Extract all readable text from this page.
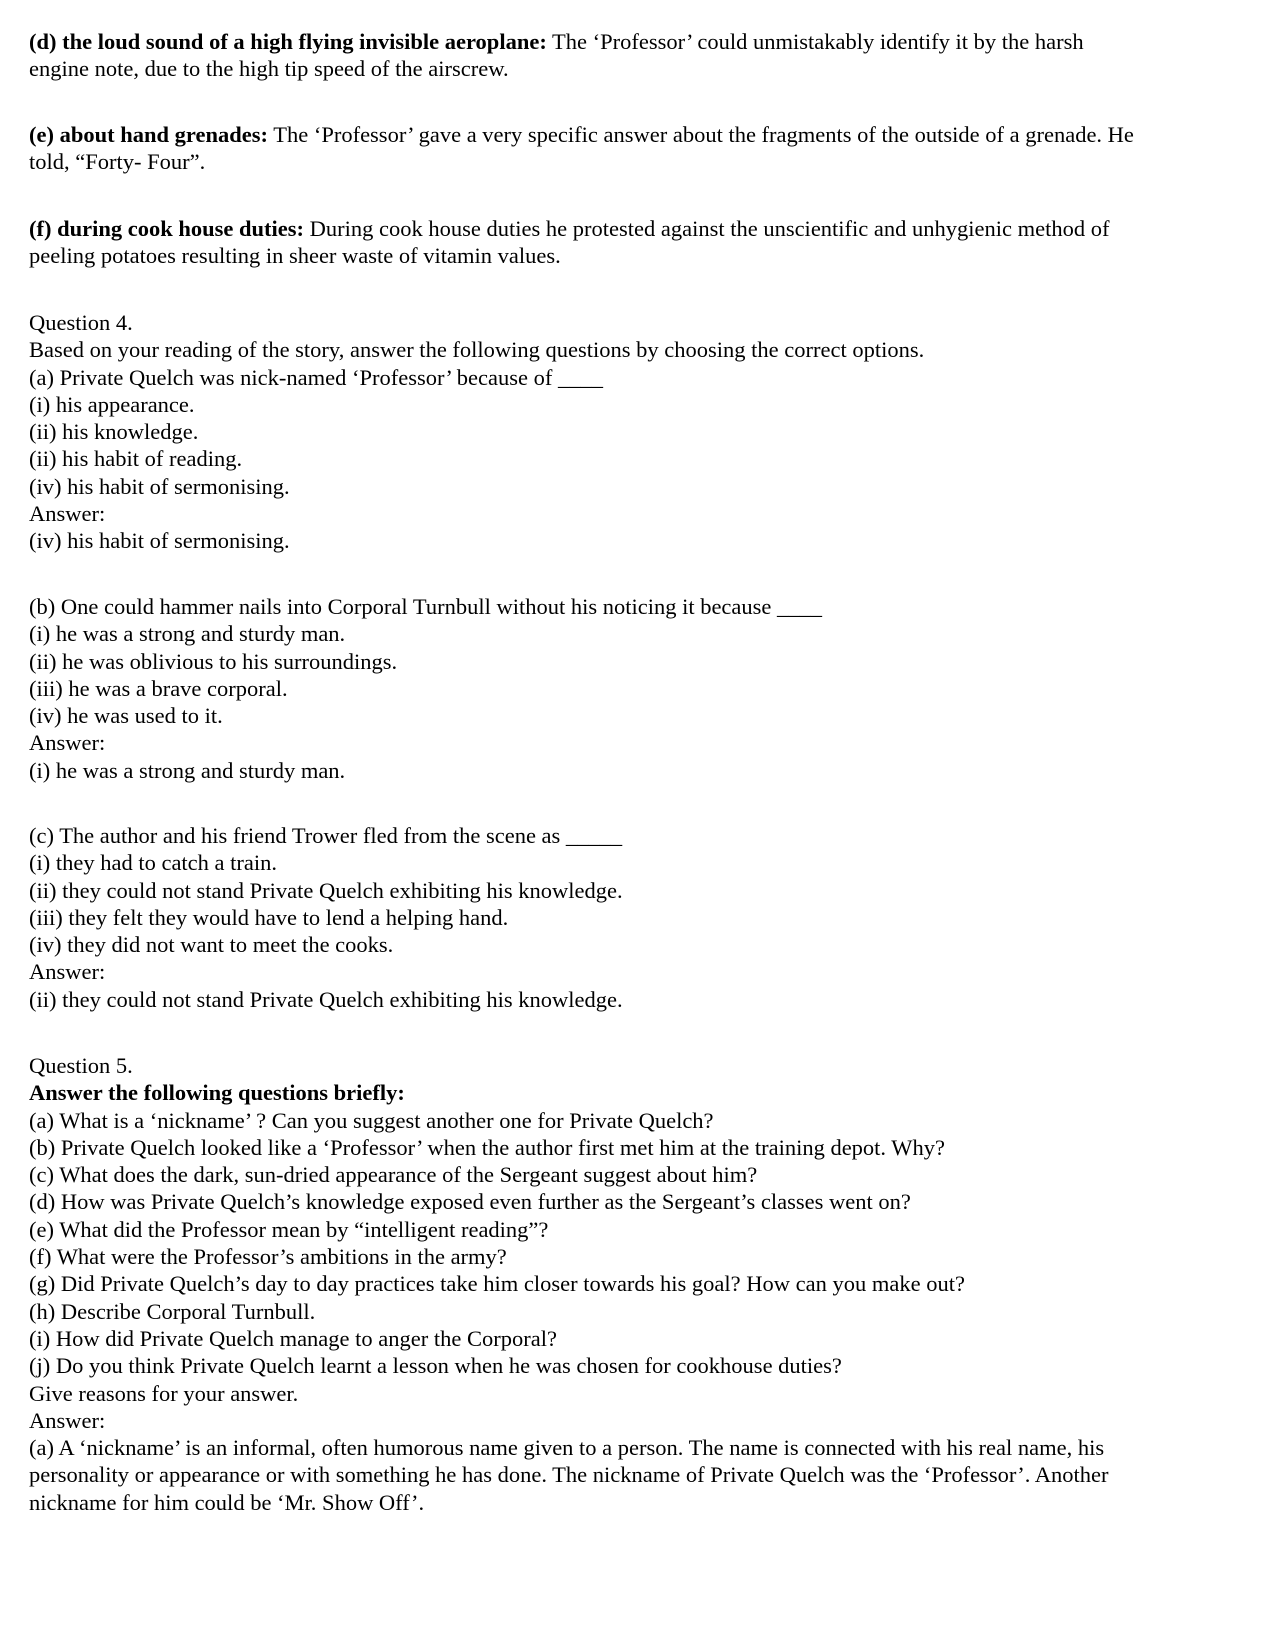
(d) the loud sound of a high flying invisible aeroplane: The ‘Professor’ could unmistakably identify it by the harsh

engine note, due to the high tip speed of the airscrew.

(e) about hand grenades: The ‘Professor’ gave a very specific answer about the fragments of the outside of a grenade. He

told, “Forty- Four”.

(f) during cook house duties: During cook house duties he protested against the unscientific and unhygienic method of

peeling potatoes resulting in sheer waste of vitamin values.

Question 4.

Based on your reading of the story, answer the following questions by choosing the correct options.

(a) Private Quelch was nick-named ‘Professor’ because of ____

(i) his appearance.

(ii) his knowledge.

(ii) his habit of reading.

(iv) his habit of sermonising.

Answer:

(iv) his habit of sermonising.

(b) One could hammer nails into Corporal Turnbull without his noticing it because ____

(i) he was a strong and sturdy man.

(ii) he was oblivious to his surroundings.

(iii) he was a brave corporal.

(iv) he was used to it.

Answer:

(i) he was a strong and sturdy man.

(c) The author and his friend Trower fled from the scene as _____

(i) they had to catch a train.

(ii) they could not stand Private Quelch exhibiting his knowledge.

(iii) they felt they would have to lend a helping hand.

(iv) they did not want to meet the cooks.

Answer:

(ii) they could not stand Private Quelch exhibiting his knowledge.

Question 5.

Answer the following questions briefly:

(a) What is a ‘nickname’ ? Can you suggest another one for Private Quelch?

(b) Private Quelch looked like a ‘Professor’ when the author first met him at the training depot. Why?

(c) What does the dark, sun-dried appearance of the Sergeant suggest about him?

(d) How was Private Quelch’s knowledge exposed even further as the Sergeant’s classes went on?

(e) What did the Professor mean by “intelligent reading”?

(f) What were the Professor’s ambitions in the army?

(g) Did Private Quelch’s day to day practices take him closer towards his goal? How can you make out?

(h) Describe Corporal Turnbull.

(i) How did Private Quelch manage to anger the Corporal?

(j) Do you think Private Quelch learnt a lesson when he was chosen for cookhouse duties?

Give reasons for your answer.

Answer:

(a) A ‘nickname’ is an informal, often humorous name given to a person. The name is connected with his real name, his

personality or appearance or with something he has done. The nickname of Private Quelch was the ‘Professor’. Another

nickname for him could be ‘Mr. Show Off’.
